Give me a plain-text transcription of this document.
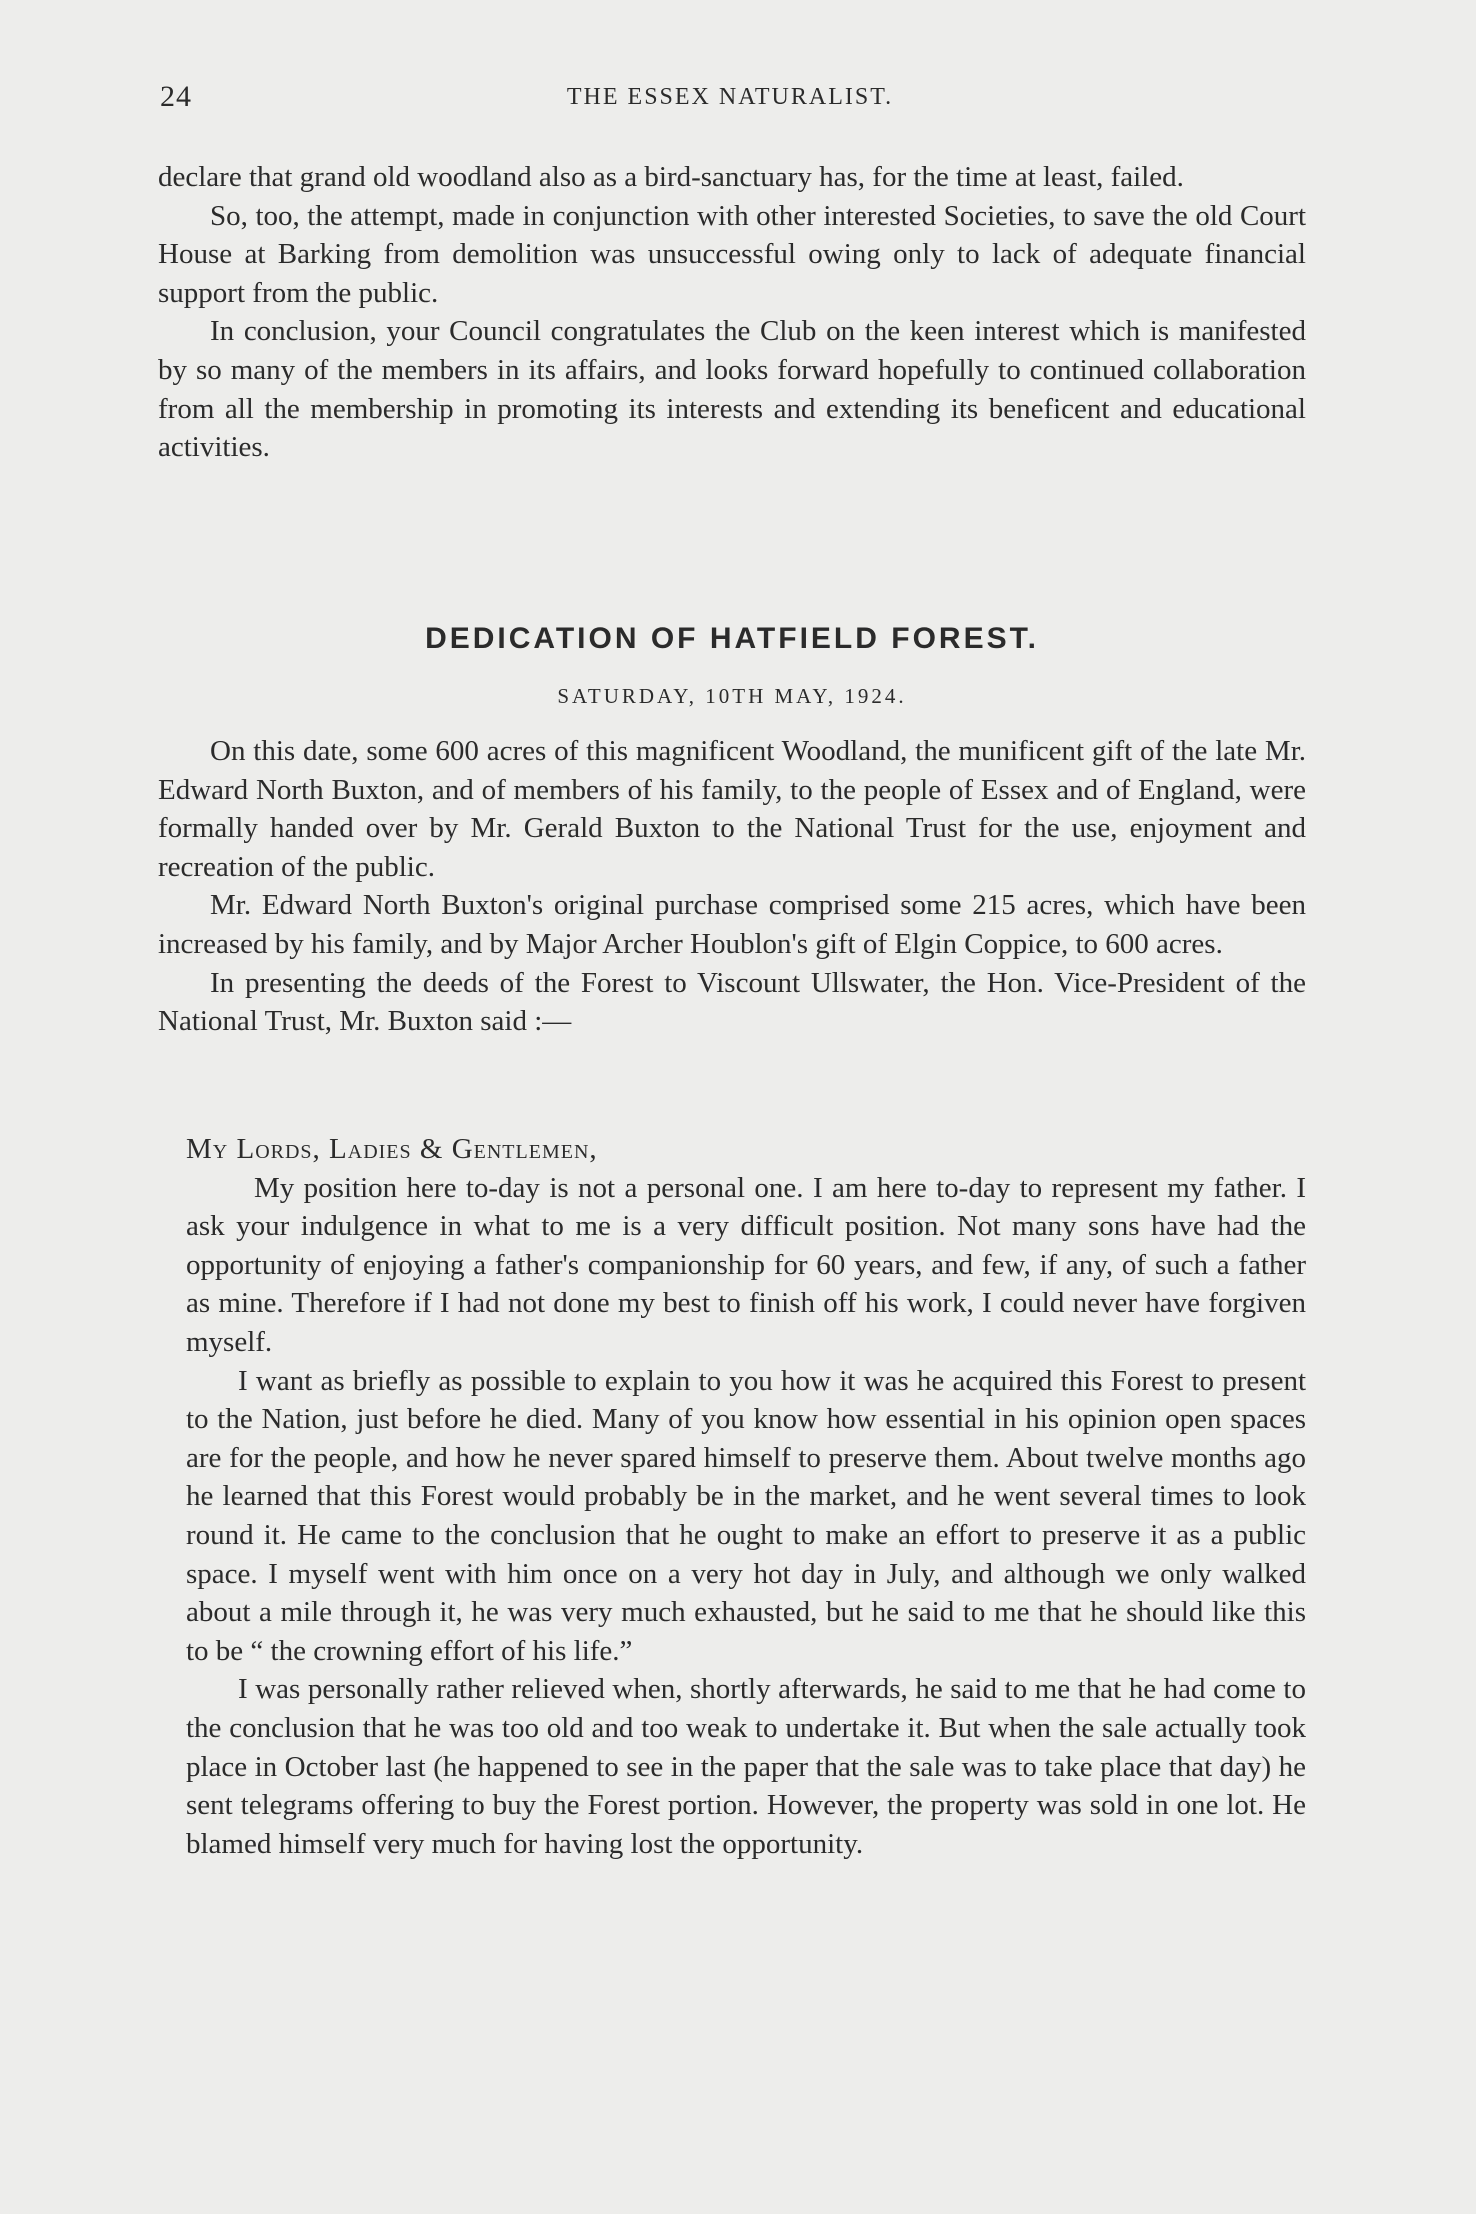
24	THE ESSEX NATURALIST.

declare that grand old woodland also as a bird-sanctuary has, for the time at least, failed.

So, too, the attempt, made in conjunction with other interested Societies, to save the old Court House at Barking from demolition was unsuccessful owing only to lack of adequate financial support from the public.

In conclusion, your Council congratulates the Club on the keen interest which is manifested by so many of the members in its affairs, and looks forward hopefully to continued collaboration from all the membership in promoting its interests and extending its beneficent and educational activities.

DEDICATION OF HATFIELD FOREST.
SATURDAY, 10TH MAY, 1924.

On this date, some 600 acres of this magnificent Woodland, the munificent gift of the late Mr. Edward North Buxton, and of members of his family, to the people of Essex and of England, were formally handed over by Mr. Gerald Buxton to the National Trust for the use, enjoyment and recreation of the public.

Mr. Edward North Buxton's original purchase comprised some 215 acres, which have been increased by his family, and by Major Archer Houblon's gift of Elgin Coppice, to 600 acres.

In presenting the deeds of the Forest to Viscount Ullswater, the Hon. Vice-President of the National Trust, Mr. Buxton said :—

My Lords, Ladies & Gentlemen,

My position here to-day is not a personal one. I am here to-day to represent my father. I ask your indulgence in what to me is a very difficult position. Not many sons have had the opportunity of enjoying a father's companionship for 60 years, and few, if any, of such a father as mine. Therefore if I had not done my best to finish off his work, I could never have forgiven myself.

I want as briefly as possible to explain to you how it was he acquired this Forest to present to the Nation, just before he died. Many of you know how essential in his opinion open spaces are for the people, and how he never spared himself to preserve them. About twelve months ago he learned that this Forest would probably be in the market, and he went several times to look round it. He came to the conclusion that he ought to make an effort to preserve it as a public space. I myself went with him once on a very hot day in July, and although we only walked about a mile through it, he was very much exhausted, but he said to me that he should like this to be “ the crowning effort of his life.”

I was personally rather relieved when, shortly afterwards, he said to me that he had come to the conclusion that he was too old and too weak to undertake it. But when the sale actually took place in October last (he happened to see in the paper that the sale was to take place that day) he sent telegrams offering to buy the Forest portion. However, the property was sold in one lot. He blamed himself very much for having lost the opportunity.
